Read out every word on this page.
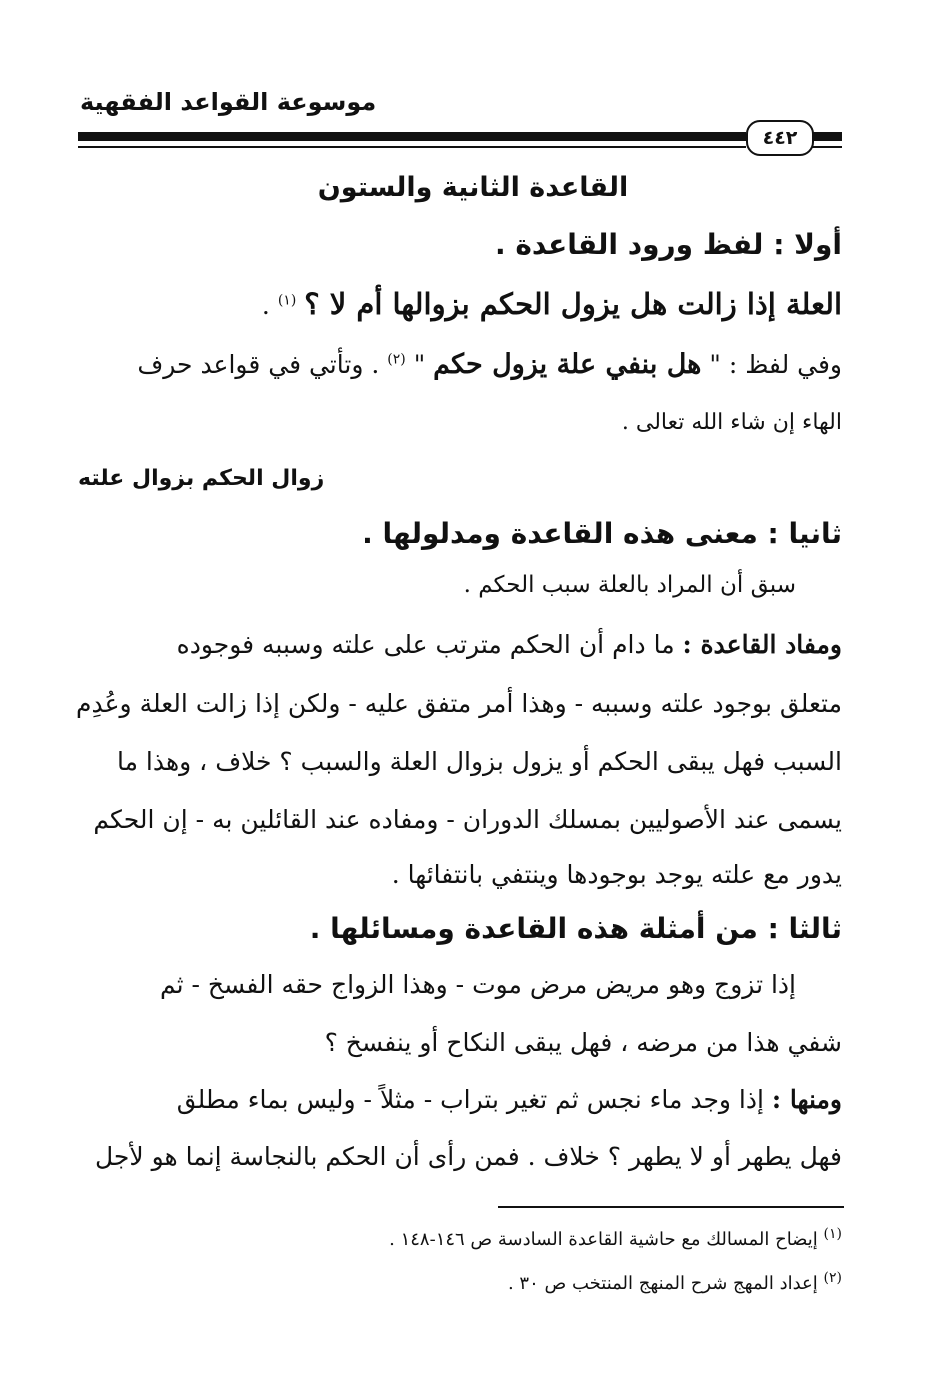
موسوعة القواعد الفقهية
٤٤٢
القاعدة الثانية والستون
أولا : لفظ ورود القاعدة .
العلة إذا زالت هل يزول الحكم بزوالها أم لا ؟ $^{(١)}$ .
وفي لفظ : " هل بنفي علة يزول حكم " $^{(٢)}$ . وتأتي في قواعد حرف
الهاء إن شاء الله تعالى .
زوال الحكم بزوال علته
ثانيا : معنى هذه القاعدة ومدلولها .
سبق أن المراد بالعلة سبب الحكم .
ومفاد القاعدة : ما دام أن الحكم مترتب على علته وسببه فوجوده
متعلق بوجود علته وسببه - وهذا أمر متفق عليه - ولكن إذا زالت العلة وعُدِم
السبب فهل يبقى الحكم أو يزول بزوال العلة والسبب ؟ خلاف ، وهذا ما
يسمى عند الأصوليين بمسلك الدوران - ومفاده عند القائلين به - إن الحكم
يدور مع علته يوجد بوجودها وينتفي بانتفائها .
ثالثا : من أمثلة هذه القاعدة ومسائلها .
إذا تزوج وهو مريض مرض موت - وهذا الزواج حقه الفسخ - ثم
شفي هذا من مرضه ، فهل يبقى النكاح أو ينفسخ ؟
ومنها : إذا وجد ماء نجس ثم تغير بتراب - مثلاً - وليس بماء مطلق
فهل يطهر أو لا يطهر ؟ خلاف . فمن رأى أن الحكم بالنجاسة إنما هو لأجل
$^{(١)}$ إيضاح المسالك مع حاشية القاعدة السادسة ص ١٤٦-١٤٨ .
$^{(٢)}$ إعداد المهج شرح المنهج المنتخب ص ٣٠ .
